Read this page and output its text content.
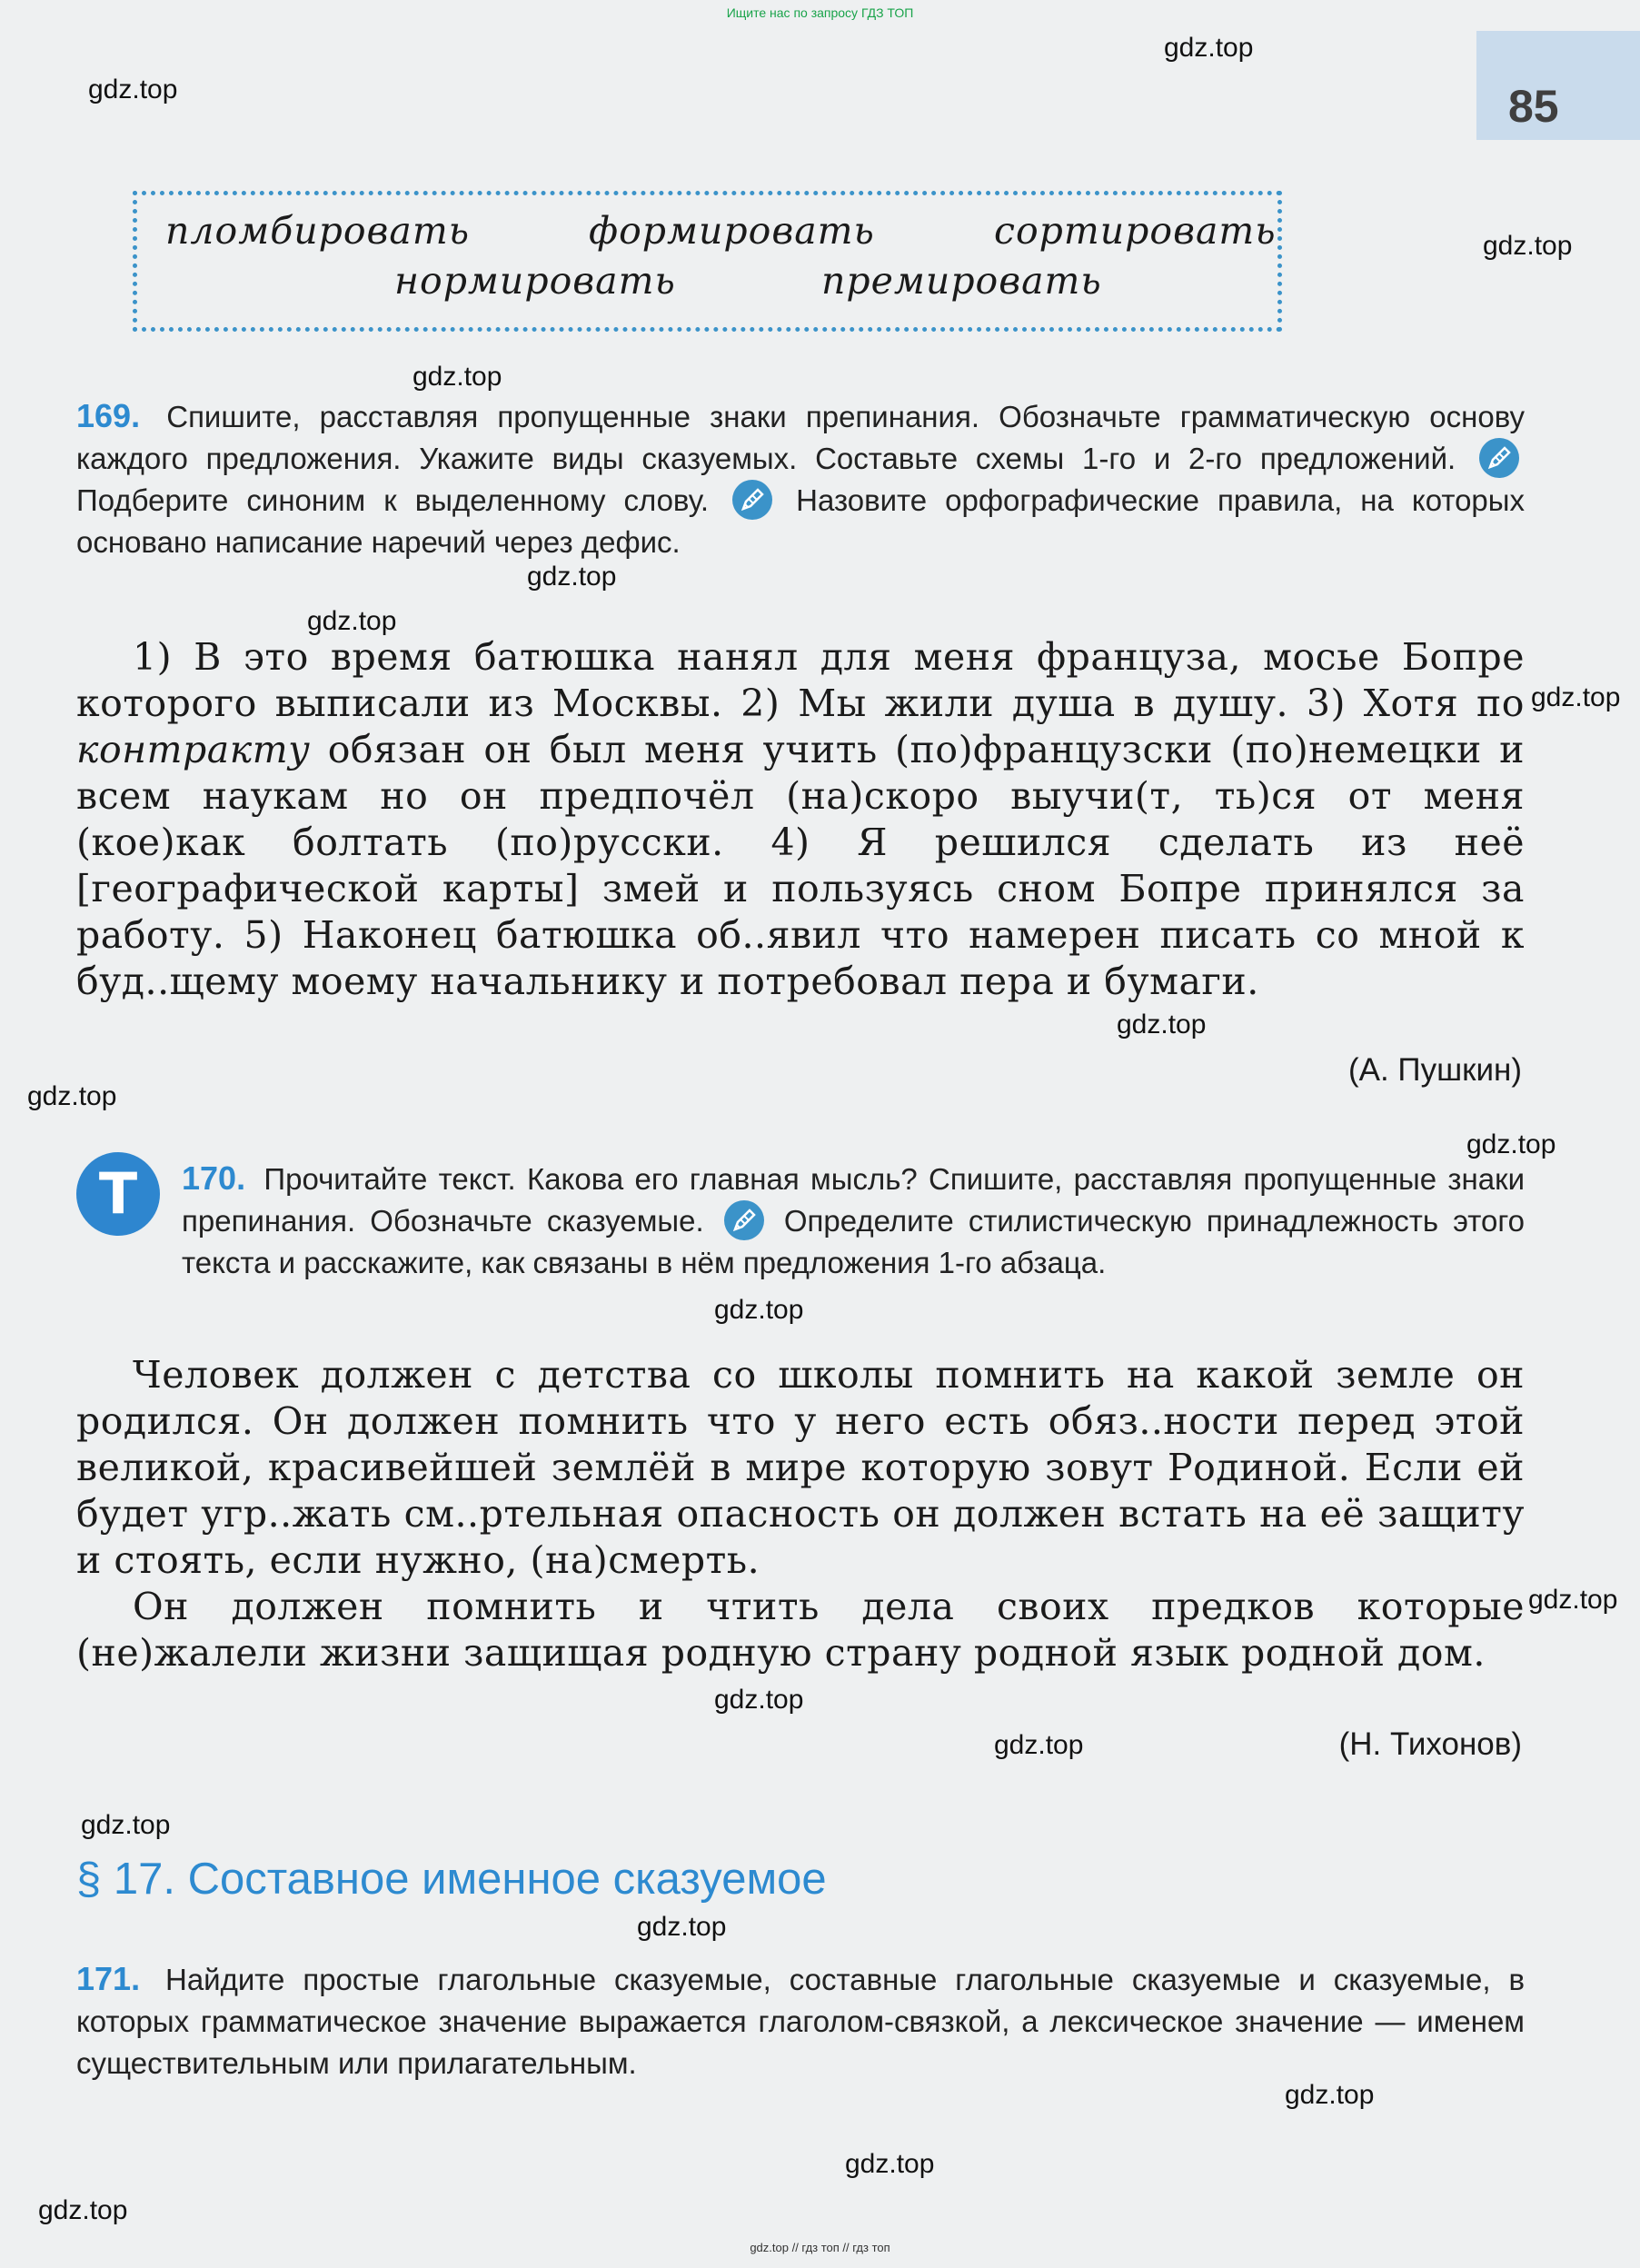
Ищите нас по запросу ГДЗ ТОП
85
gdz.top
gdz.top
gdz.top
gdz.top
gdz.top
gdz.top
gdz.top
gdz.top
gdz.top
gdz.top
gdz.top
gdz.top
gdz.top
gdz.top
gdz.top
gdz.top
gdz.top
gdz.top
gdz.top
пломбировать	формировать	сортировать
нормировать	премировать
169. Спишите, расставляя пропущенные знаки препинания. Обозначьте грамматическую основу каждого предложения. Укажите виды сказуемых. Составьте схемы 1-го и 2-го предложений.
Подберите синоним к выделенному слову.	Назовите орфографические правила, на которых основано написание наречий через дефис.

1) В это время батюшка нанял для меня француза, мосье Бопре которого выписали из Москвы. 2) Мы жили душа в душу. 3) Хотя по контракту обязан он был меня учить (по)французски (по)немецки и всем наукам но он предпочёл (на)скоро выучи(т, ть)ся от меня (кое)как болтать (по)русски. 4) Я решился сделать из неё [географической карты] змей и пользуясь сном Бопре принялся за работу. 5) Наконец батюшка об..явил что намерен писать со мной к буд..щему моему начальнику и потребовал пера и бумаги.

(А. Пушкин)
Т	170. Прочитайте текст. Какова его главная мысль? Спишите, расставляя пропущенные знаки препинания. Обозначьте сказуемые.	Определите стилистическую принадлежность этого текста и расскажите, как связаны в нём предложения 1-го абзаца.

Человек должен с детства со школы помнить на какой земле он родился. Он должен помнить что у него есть обяз..ности перед этой великой, красивейшей землёй в мире которую зовут Родиной. Если ей будет угр..жать см..ртельная опасность он должен встать на её защиту и стоять, если нужно, (на)смерть.

Он должен помнить и чтить дела своих предков которые (не)жалели жизни защищая родную страну родной язык родной дом.

(Н. Тихонов)
§ 17. Составное именное сказуемое
171. Найдите простые глагольные сказуемые, составные глагольные сказуемые и сказуемые, в которых грамматическое значение выражается глаголом-связкой, а лексическое значение — именем существительным или прилагательным.
gdz.top // гдз топ // гдз топ
